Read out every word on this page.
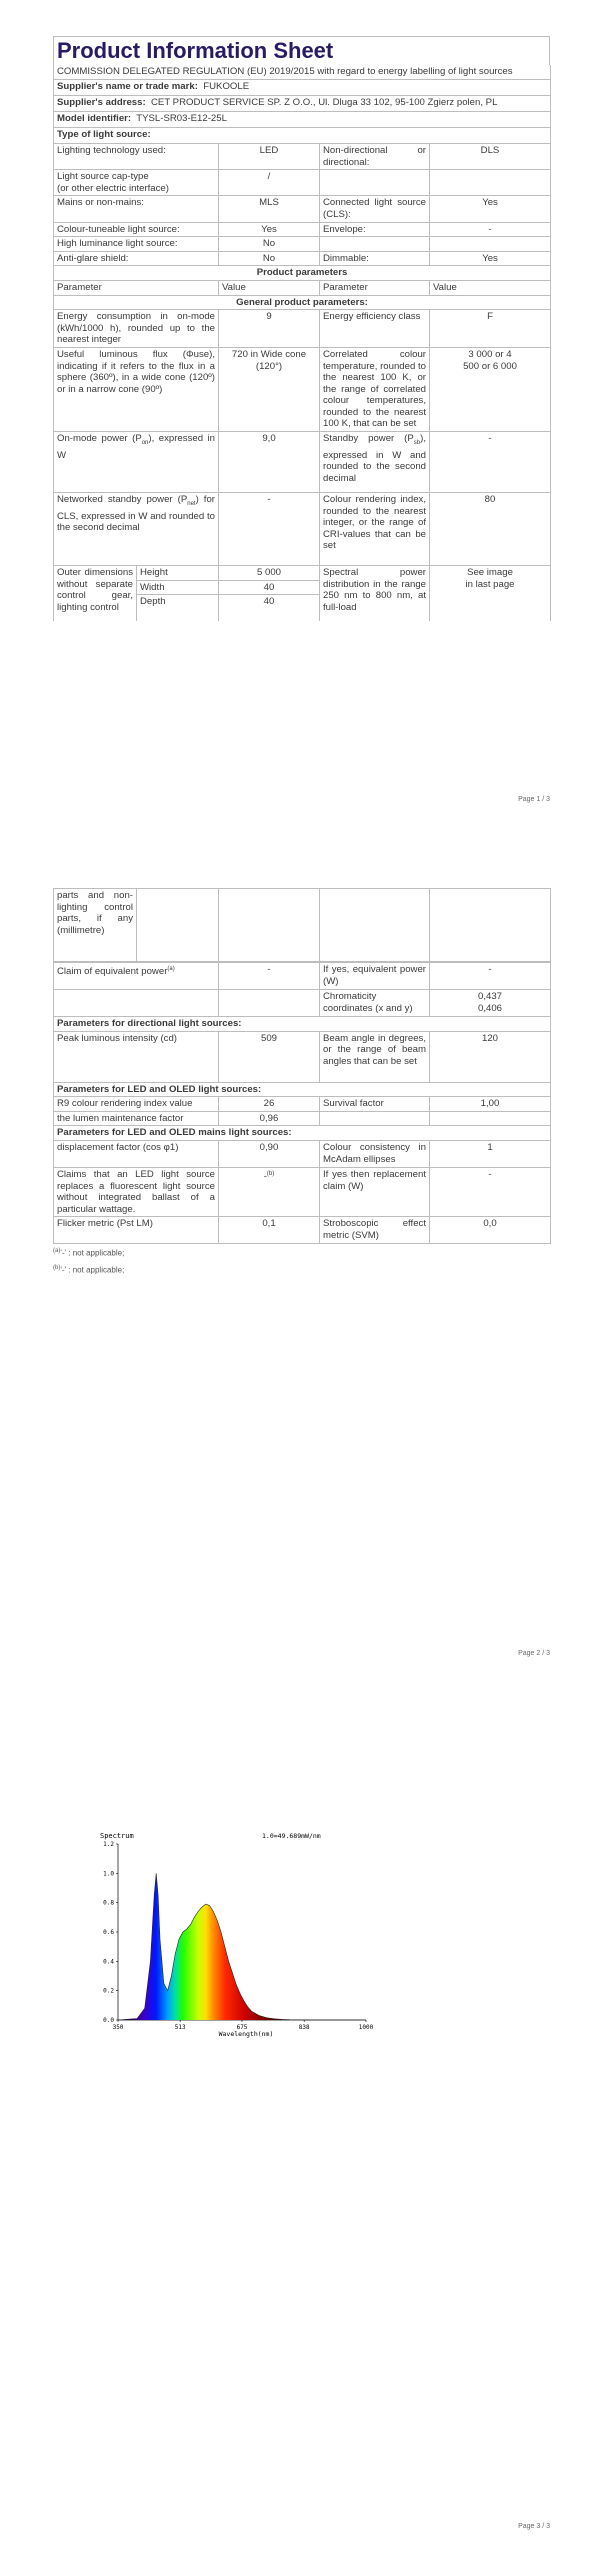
Product Information Sheet
COMMISSION DELEGATED REGULATION (EU) 2019/2015 with regard to energy labelling of light sources			
Supplier's name or trade mark: FUKOOLE			
Supplier's address: CET PRODUCT SERVICE SP. Z O.O., Ul. Dluga 33 102, 95-100 Zgierz polen, PL			
Model identifier: TYSL-SR03-E12-25L			
Type of light source:			
Lighting technology used:	LED	Non-directional or directional:	DLS
Light source cap-type
(or other electric interface)	/		
Mains or non-mains:	MLS	Connected light source (CLS):	Yes
Colour-tuneable light source:	Yes	Envelope:	-
High luminance light source:	No		
Anti-glare shield:	No	Dimmable:	Yes
Product parameters			
Parameter	Value	Parameter	Value
General product parameters:			
Energy consumption in on-mode (kWh/1000 h), rounded up to the nearest integer	9	Energy efficiency class	F
Useful luminous flux (Φuse), indicating if it refers to the flux in a sphere (360º), in a wide cone (120º) or in a narrow cone (90º)	720 in Wide cone (120°)	Correlated colour temperature, rounded to the nearest 100 K, or the range of correlated colour temperatures, rounded to the nearest 100 K, that can be set	3 000 or 4
500 or 6 000
On-mode power $(P_{on})$, expressed in W	9,0	Standby power $(P_{sb})$, expressed in W and rounded to the second decimal	-
Networked standby power $(P_{net})$ for CLS, expressed in W and rounded to the second decimal	-	Colour rendering index, rounded to the nearest integer, or the range of CRI-values that can be set	80
Outer dimensions without separate control gear, lighting control	Height	5 000	Spectral power distribution in the range 250 nm to 800 nm, at full-load	See image
in last page
	Width	40		
	Depth	40		
Page 1 / 3
parts and non-lighting control parts, if any (millimetre)				
Claim of equivalent power$^{(a)}$	-	If yes, equivalent power (W)	-
		Chromaticity coordinates (x and y)	0,437
0,406
Parameters for directional light sources:			
Peak luminous intensity (cd)	509	Beam angle in degrees, or the range of beam angles that can be set	120
Parameters for LED and OLED light sources:			
R9 colour rendering index value	26	Survival factor	1,00
the lumen maintenance factor	0,96		
Parameters for LED and OLED mains light sources:			
displacement factor (cos φ1)	0,90	Colour consistency in McAdam ellipses	1
Claims that an LED light source replaces a fluorescent light source without integrated ballast of a particular wattage.	-$^{(b)}$	If yes then replacement claim (W)	-
Flicker metric (Pst LM)	0,1	Stroboscopic effect metric (SVM)	0,0
$^{(a)}$'-' : not applicable;
$^{(b)}$'-' : not applicable;
Page 2 / 3
Spectrum	1.0=49.689mW/nm
0.0
0.2
0.4
0.6
0.8
1.0
1.2
350	513	675	838	1000
Wavelength(nm)
Page 3 / 3
